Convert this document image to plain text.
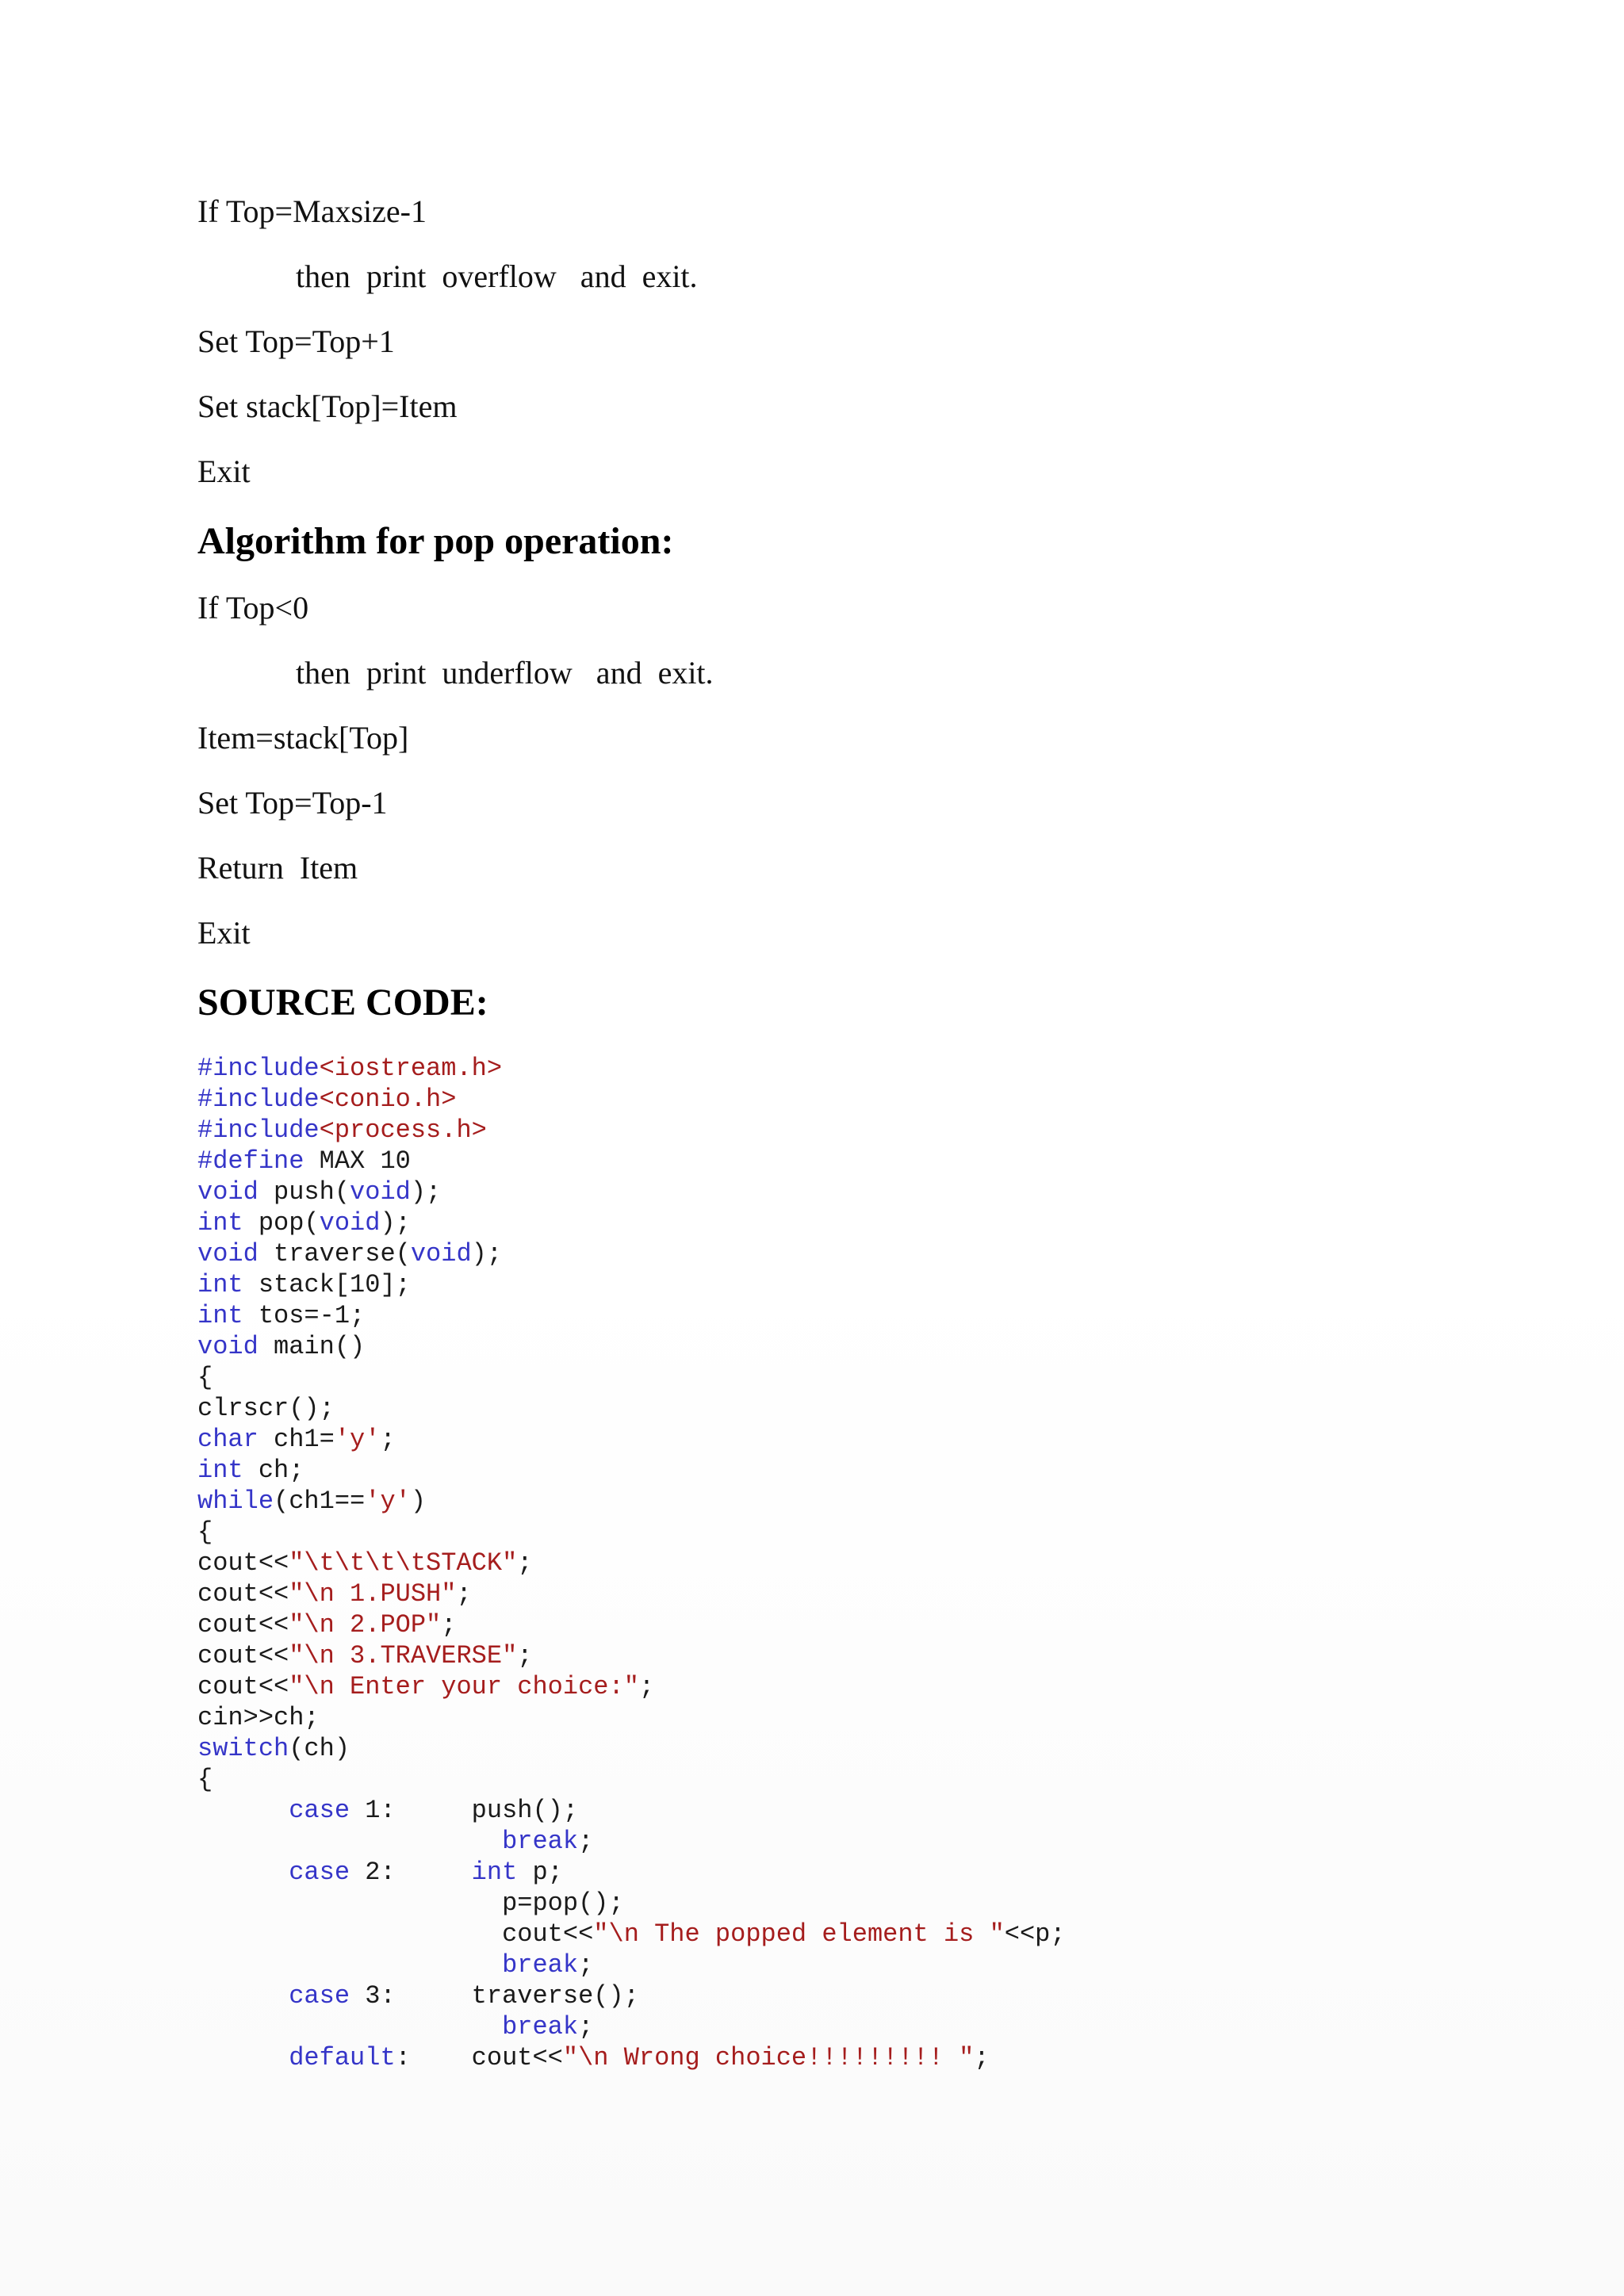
If Top=Maxsize-1

then  print  overflow   and  exit.

Set Top=Top+1

Set stack[Top]=Item

Exit

Algorithm for pop operation:

If Top<0

then  print  underflow   and  exit.

Item=stack[Top]

Set Top=Top-1

Return  Item

Exit

SOURCE CODE:
#include<iostream.h>
#include<conio.h>
#include<process.h>
#define MAX 10
void push(void);
int pop(void);
void traverse(void);
int stack[10];
int tos=-1;
void main()
{
clrscr();
char ch1='y';
int ch;
while(ch1=='y')
{
cout<<"\t\t\t\tSTACK";
cout<<"\n 1.PUSH";
cout<<"\n 2.POP";
cout<<"\n 3.TRAVERSE";
cout<<"\n Enter your choice:";
cin>>ch;
switch(ch)
{
case 1:     push();
break;
case 2:     int p;
p=pop();
cout<<"\n The popped element is "<<p;
break;
case 3:     traverse();
break;
default:    cout<<"\n Wrong choice!!!!!!!!! ";
